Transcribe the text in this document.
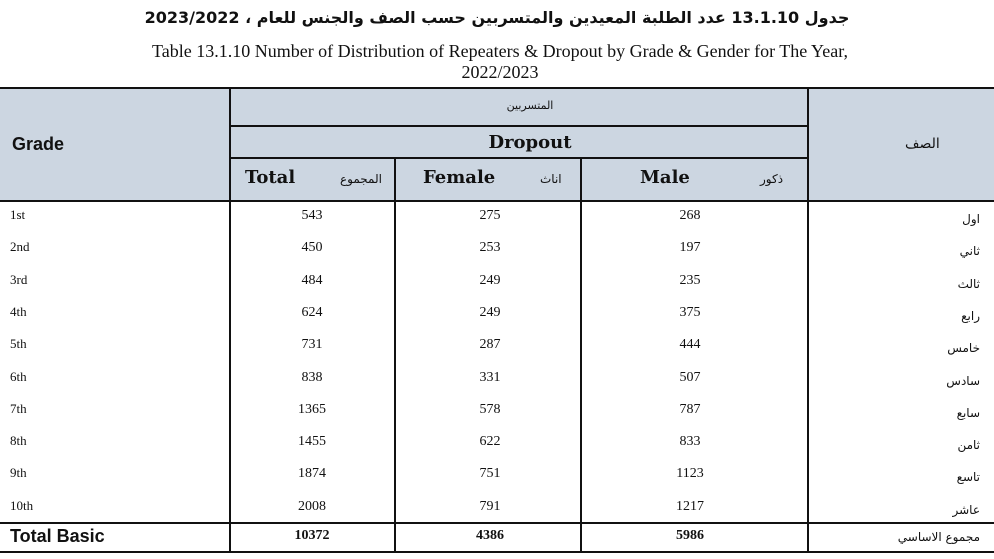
جدول 13.1.10 عدد الطلبة المعيدين والمتسربين حسب الصف والجنس للعام ، 2023/2022
Table 13.1.10 Number of Distribution of Repeaters & Dropout by Grade & Gender for The Year,
2022/2023
Grade	الصف
المتسربين
Dropout
Total	المجموع Female	اناث	Male	ذكور
1st	543	275	268	اول
2nd	450	253	197	ثاني
3rd	484	249	235	ثالث
4th	624	249	375	رابع
5th	731	287	444	خامس
6th	838	331	507	سادس
7th	1365	578	787	سابع
8th	1455	622	833	ثامن
9th	1874	751	1123	تاسع
10th	2008	791	1217	عاشر
Total Basic	10372	4386	5986	مجموع الاساسي
